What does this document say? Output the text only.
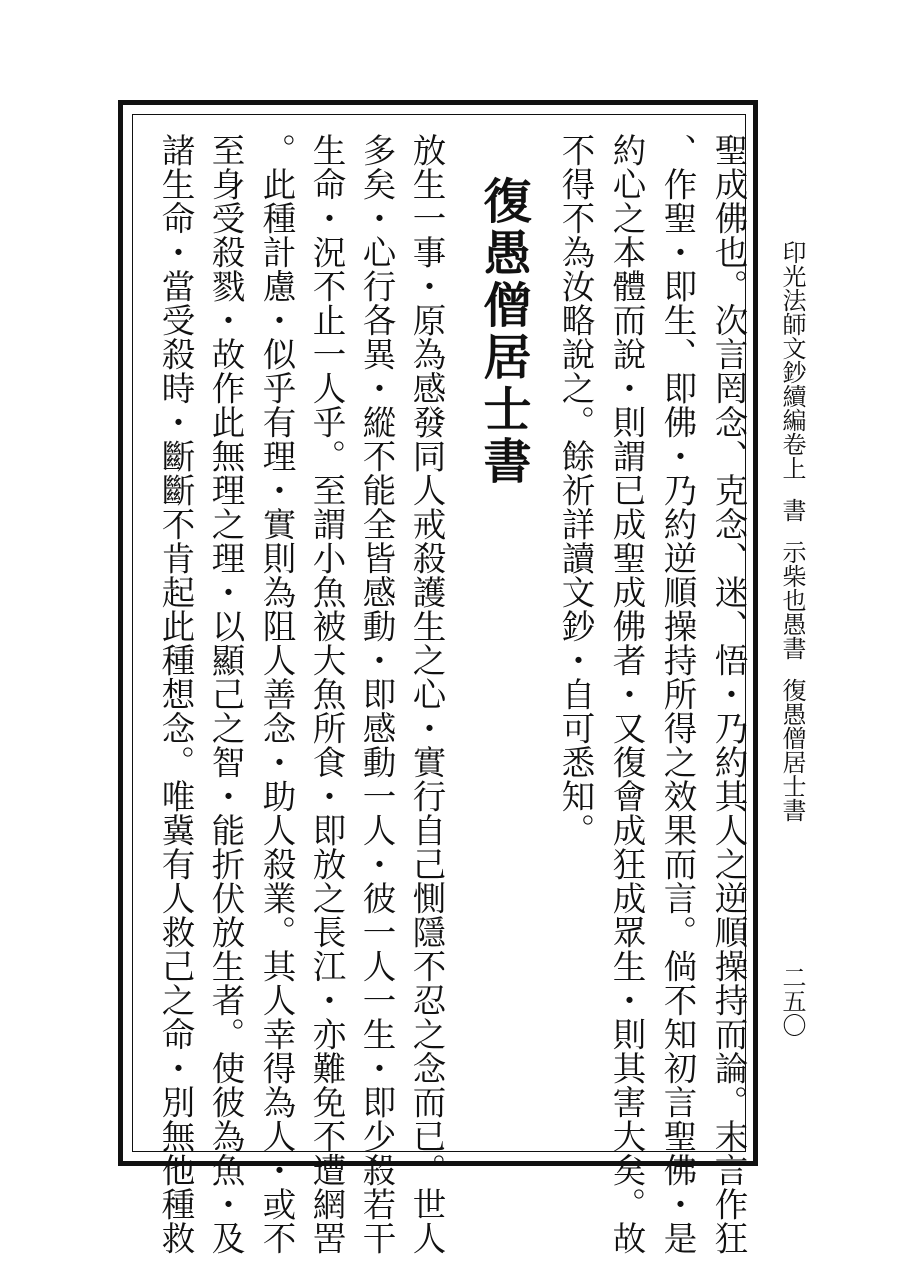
印光法師文鈔續編卷上書示柴也愚書復愚僧居士書
二五〇
聖成佛也。次言罔念、克念、迷、悟・乃約其人之逆順操持而論。末言作狂
、作聖・即生、即佛・乃約逆順操持所得之效果而言。倘不知初言聖佛・是
約心之本體而說・則謂已成聖成佛者・又復會成狂成眾生・則其害大矣。故
不得不為汝略說之。餘祈詳讀文鈔・自可悉知。
復愚僧居士書
放生一事・原為感發同人戒殺護生之心・實行自己惻隱不忍之念而已。世人
多矣・心行各異・縱不能全皆感動・即感動一人・彼一人一生・即少殺若干
生命・況不止一人乎。至謂小魚被大魚所食・即放之長江・亦難免不遭網罟
。此種計慮・似乎有理・實則為阻人善念・助人殺業。其人幸得為人・或不
至身受殺戮・故作此無理之理・以顯己之智・能折伏放生者。使彼為魚・及
諸生命・當受殺時・斷斷不肯起此種想念。唯冀有人救己之命・別無他種救
